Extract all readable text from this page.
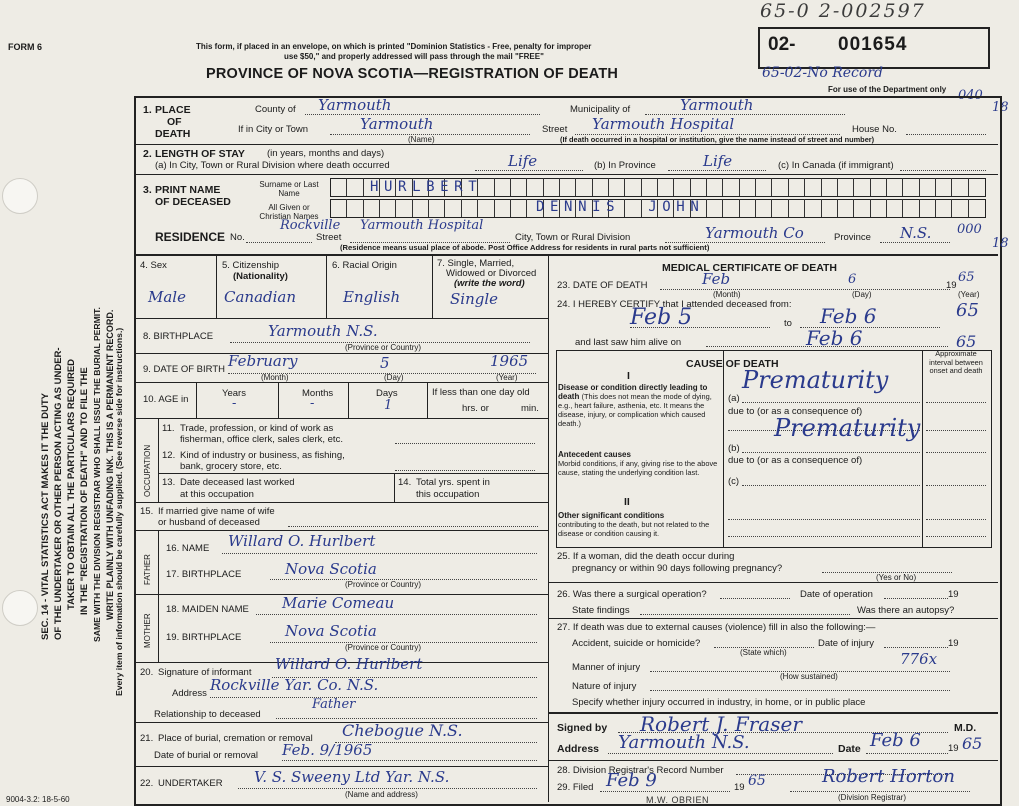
FORM 6	This form, if placed in an envelope, on which is printed "Dominion Statistics - Free, penalty for improper
use $50," and properly addressed will pass through the mail "FREE"
PROVINCE OF NOVA SCOTIA—REGISTRATION OF DEATH
65-0 2-002597
02- 001654
65-02-No Record
For use of the Department only 040
18
SEC. 14 - VITAL STATISTICS ACT MAKES IT THE DUTY OF THE UNDERTAKER OR OTHER PERSON ACTING AS UNDER- TAKER TO OBTAIN ALL THE PARTICULARS REQUIRED IN THE "REGISTRATION OF DEATH" AND TO FILE THE SAME WITH THE DIVISION REGISTRAR WHO SHALL ISSUE THE BURIAL PERMIT. WRITE PLAINLY WITH UNFADING INK. THIS IS A PERMANENT RECORD. Every item of information should be carefully supplied. (See reverse side for instructions.)
1. PLACE
OF
DEATH
County of Yarmouth	Municipality of	Yarmouth
If in City or Town	Yarmouth
(Name)
Street Yarmouth Hospital	House No.
(If death occurred in a hospital or institution, give the name instead of street and number)
2. LENGTH OF STAY (in years, months and days)
(a) In City, Town or Rural Division where death occurred	Life	(b) In Province	Life	(c) In Canada (if immigrant)
3. PRINT NAME
OF DECEASED
Surname or Last Name
All Given or Christian Names
HURLBERT
DENNIS  JOHN
RESIDENCE No.
Rockville
Street
Yarmouth Hospital
City, Town or Rural Division	Yarmouth Co	Province N.S. 000
18
(Residence means usual place of abode. Post Office Address for residents in rural parts not sufficient)
4. Sex
Male
5. Citizenship
(Nationality)
Canadian
6. Racial Origin
English
7. Single, Married,
Widowed or Divorced
(write the word)
Single
8. BIRTHPLACE	Yarmouth N.S.
(Province or Country)
9. DATE OF BIRTH February	5	1965
(Month)	(Day)	(Year)
10. AGE in
Years	Months	Days
-	-	1
If less than one day old
hrs. or	min.
OCCUPATION
11. Trade, profession, or kind of work as
fisherman, office clerk, sales clerk, etc.
12. Kind of industry or business, as fishing,
bank, grocery store, etc.
13. Date deceased last worked
at this occupation
14. Total yrs. spent in
this occupation
15. If married give name of wife
or husband of deceased
FATHER
16. NAME Willard O. Hurlbert
17. BIRTHPLACE	Nova Scotia
(Province or Country)
MOTHER
18. MAIDEN NAME Marie Comeau
19. BIRTHPLACE	Nova Scotia
(Province or Country)
20. Signature of informant Willard O. Hurlbert
Address Rockville Yar. Co. N.S.
Relationship to deceased
Father
21. Place of burial, cremation or removal Chebogue N.S.
Date of burial or removal Feb. 9/1965
22. UNDERTAKER V. S. Sweeny Ltd Yar. N.S.
(Name and address)
MEDICAL CERTIFICATE OF DEATH
23. DATE OF DEATH	Feb	6	19
65
(Month)	(Day)	(Year)
24. I HEREBY CERTIFY that I attended deceased from:
Feb 5	to Feb 6	65
and last saw him alive on	Feb 6	65
CAUSE OF DEATH
Approximate interval between onset and death
I
Disease or condition directly leading to death (This does not mean the mode of dying, e.g., heart failure, asthenia, etc. It means the disease, injury, or complication which caused death.)
(a)
Prematurity
due to (or as a consequence of)
Prematurity
Antecedent causes
Morbid conditions, if any, giving rise to the above cause, stating the underlying condition last.
(b)
due to (or as a consequence of)
(c)
II
Other significant conditions
contributing to the death, but not related to the disease or condition causing it.
25. If a woman, did the death occur during
pregnancy or within 90 days following pregnancy?
(Yes or No)
26. Was there a surgical operation?	Date of operation	19
State findings	Was there an autopsy?
27. If death was due to external causes (violence) fill in also the following:—
Accident, suicide or homicide?	Date of injury	19
(State which)
Manner of injury	776x
(How sustained)
Nature of injury
Specify whether injury occurred in industry, in home, or in public place
Signed by Robert J. Fraser	M.D.
Address Yarmouth N.S.	Date Feb 6	19 65
28. Division Registrar's Record Number
29. Filed Feb 9	19 65	Robert Horton
(Division Registrar)
M.W. OBRIEN
9004-3.2: 18-5-60
